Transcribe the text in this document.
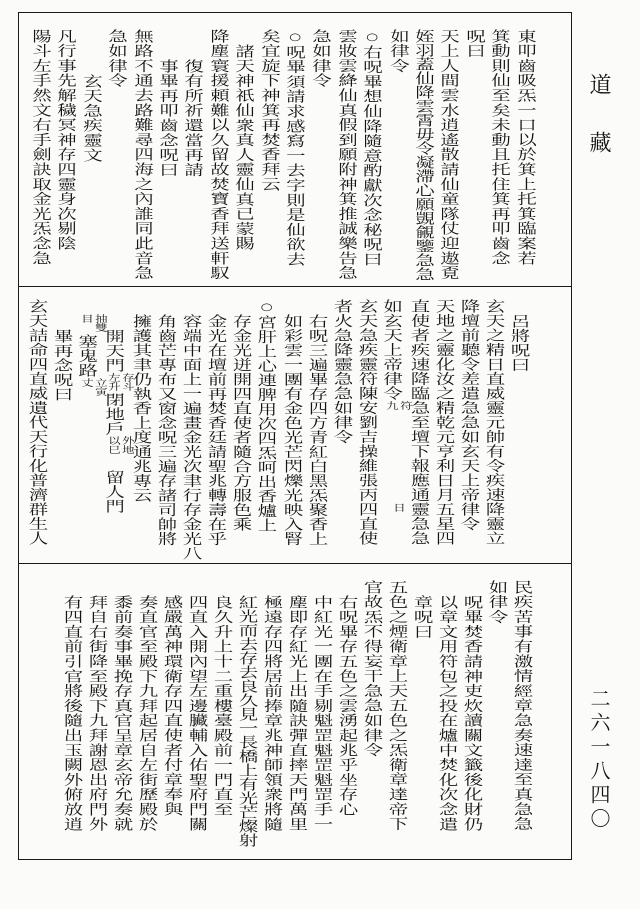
東叩齒吸炁一口以於箕上托箕臨案若
箕動則仙至矣未動且托住箕再叩齒念
呪曰
天上人間雲水逍遙散請仙童隊仗迎遨覔
姪羽蓋仙降雲霄毋令凝滯心願覬覦鑒急急
如律令
○右呪畢想仙降隨意酌獻次念秘呪曰
雲妝雲絳仙真假到願附神箕推誠樂告急
急如律令
○呪畢須請求感寫一去字則是仙欲去
矣宜旋下神箕再焚香拜云
諸天神祇仙衆真人靈仙真已蒙賜
降塵寰援頼難以久留故焚寶香拜送軒馭
復有所祈還當再請
事畢再叩齒念呪曰
無路不通去路難尋四海之內誰同此音急
急如律令
玄天急疾靈文
凡行事先解穢冥神存四靈身次剔陰
陽斗左手然文右手劍訣取金光炁念急
呂將呪曰
玄天之精日直威靈元帥有令疾速降靈立
降壇前聽令差遣急急如玄天上帝律令
天地之靈化汝之精乾元亨利日月五星四
直使者疾速降臨急至壇下報應通靈急急
如玄天上帝律令符九日
玄天急疾靈符陳安劉吉操維張丙四直使
者火急降靈急急如律令
右呪三遍畢存四方青紅白黑炁聚香上
如彩雲一團有金色光芒閃爍光映入腎
○宮肝上心連脾用次四炁呵出香爐上
存金光迸開四直使者隨合方服色乘
金光在壇前再焚香廷請聖兆轉壽在乎
容端中面上一遍畫金光次聿行存金光八
角齒芒專布又窗念呪三遍存諸司帥將
擁護其聿仍執香上度通兆專云
開天門存斗左升閉地戶外地以巳留人門
抽雙目塞鬼路立寅丈
畢再念呪曰
玄天詰命四直威遺代天行化普濟群生人
民疾苦事有激情經章急奏速達至真急急
如律令
呪畢焚香請神吏炊讀關文籤後化財仍
以章文用符包之投在爐中焚化次念遣
章呪曰
五色之煙衛章上天五色之炁衛章達帝下
官故炁不得妄干急急如律令
右呪畢存五色之雲湧起兆乎坐存心
中紅光一團在手剔魁罡魁罡魁罡手一
塵即存紅光上出隨訣彈直摔天門萬里
極遠存四將居前捧章兆神師領衆將隨
紅光而去存去良久見一長橋上有光芒燦射
良久升上十二重樓臺殿前一門直至
四直入開內望左邊臟輔入佑聖府門關
感嚴萬神環衛存四直使者付章奉與
奏直官至殿下九拜起居自左街歷殿於
黍前奏事畢挽存真官呈章玄帝允奏就
拜自右街降至殿下九拜謝恩出府門外
有四直前引官將後隨出玉闕外俯放逍
道藏
二六一八四〇
